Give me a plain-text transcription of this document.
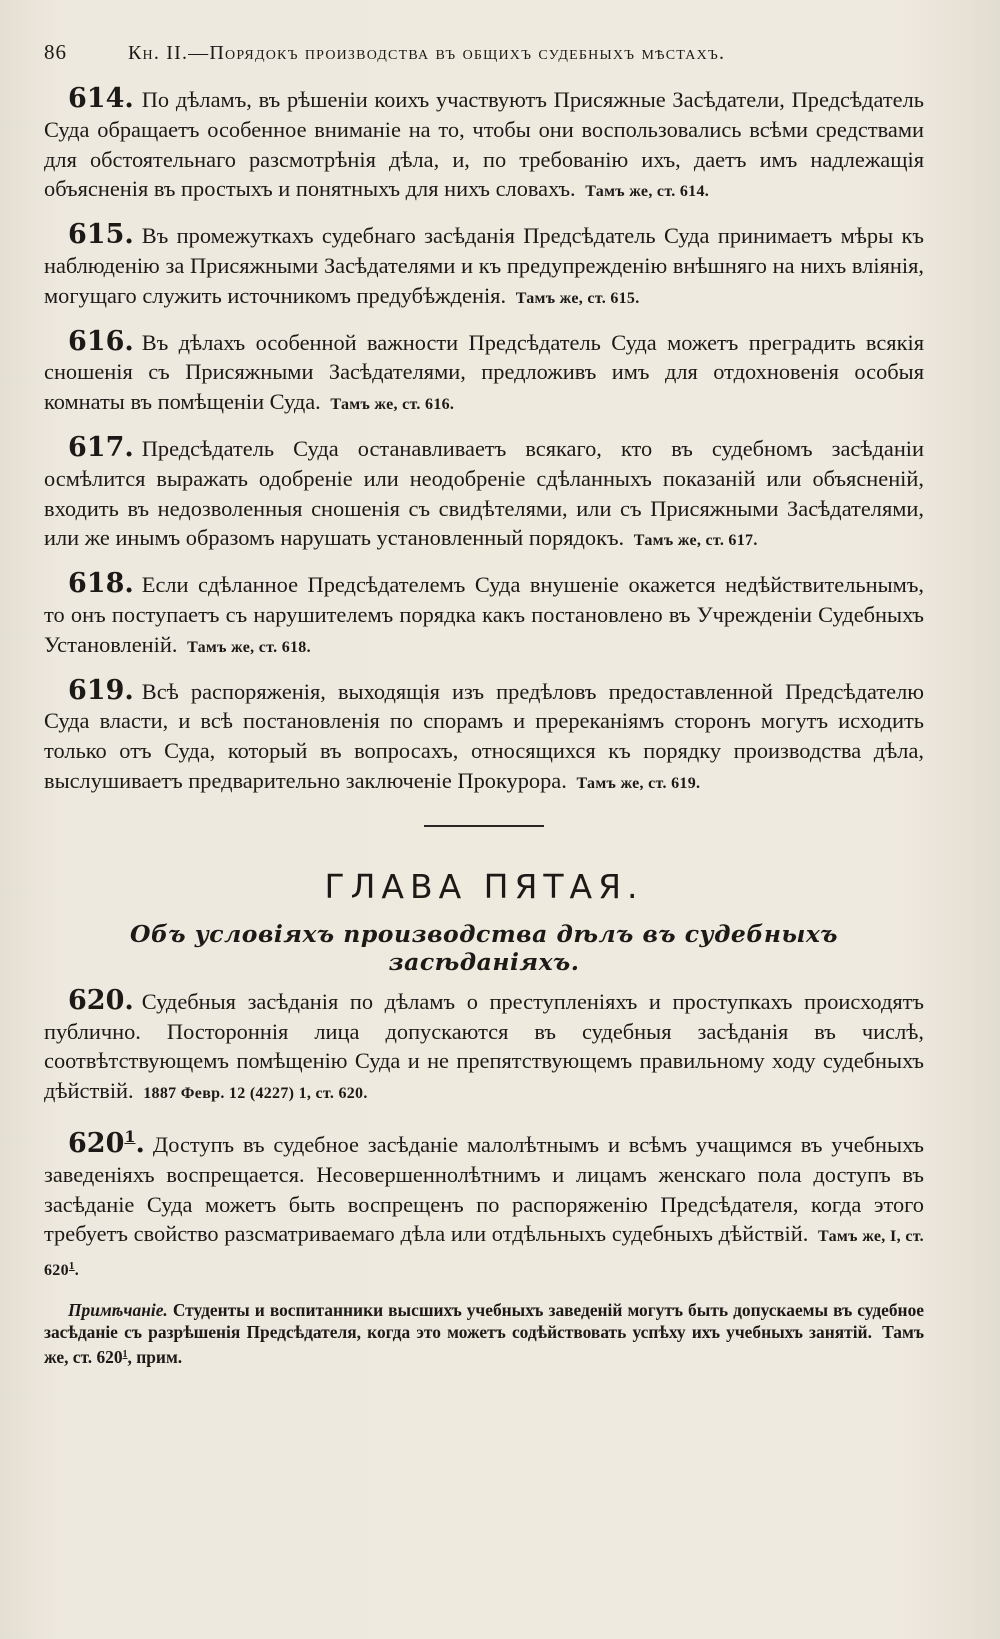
86	Кн. II.—Порядокъ производства въ общихъ судебныхъ мѣстахъ.

614. По дѣламъ, въ рѣшеніи коихъ участвуютъ Присяжные Засѣдатели, Предсѣдатель Суда обращаетъ особенное вниманіе на то, чтобы они воспользовались всѣми средствами для обстоятельнаго разсмотрѣнія дѣла, и, по требованію ихъ, даетъ имъ надлежащія объясненія въ простыхъ и понятныхъ для нихъ словахъ. Тамъ же, ст. 614.

615. Въ промежуткахъ судебнаго засѣданія Предсѣдатель Суда принимаетъ мѣры къ наблюденію за Присяжными Засѣдателями и къ предупрежденію внѣшняго на нихъ вліянія, могущаго служить источникомъ предубѣжденія. Тамъ же, ст. 615.

616. Въ дѣлахъ особенной важности Предсѣдатель Суда можетъ преградить всякія сношенія съ Присяжными Засѣдателями, предложивъ имъ для отдохновенія особыя комнаты въ помѣщеніи Суда. Тамъ же, ст. 616.

617. Предсѣдатель Суда останавливаетъ всякаго, кто въ судебномъ засѣданіи осмѣлится выражать одобреніе или неодобреніе сдѣланныхъ показаній или объясненій, входить въ недозволенныя сношенія съ свидѣтелями, или съ Присяжными Засѣдателями, или же инымъ образомъ нарушать установленный порядокъ. Тамъ же, ст. 617.

618. Если сдѣланное Предсѣдателемъ Суда внушеніе окажется недѣйствительнымъ, то онъ поступаетъ съ нарушителемъ порядка какъ постановлено въ Учрежденіи Судебныхъ Установленій. Тамъ же, ст. 618.

619. Всѣ распоряженія, выходящія изъ предѣловъ предоставленной Предсѣдателю Суда власти, и всѣ постановленія по спорамъ и пререканіямъ сторонъ могутъ исходить только отъ Суда, который въ вопросахъ, относящихся къ порядку производства дѣла, выслушиваетъ предварительно заключеніе Прокурора. Тамъ же, ст. 619.

ГЛАВА ПЯТАЯ.
Объ условіяхъ производства дѣлъ въ судебныхъ засѣданіяхъ.

620. Судебныя засѣданія по дѣламъ о преступленіяхъ и проступкахъ происходятъ публично. Постороннія лица допускаются въ судебныя засѣданія въ числѣ, соотвѣтствующемъ помѣщенію Суда и не препятствующемъ правильному ходу судебныхъ дѣйствій. 1887 Февр. 12 (4227) 1, ст. 620.

$620^1$. Доступъ въ судебное засѣданіе малолѣтнымъ и всѣмъ учащимся въ учебныхъ заведеніяхъ воспрещается. Несовершеннолѣтнимъ и лицамъ женскаго пола доступъ въ засѣданіе Суда можетъ быть воспрещенъ по распоряженію Предсѣдателя, когда этого требуетъ свойство разсматриваемаго дѣла или отдѣльныхъ судебныхъ дѣйствій. Тамъ же, I, ст. $620^1$.

Примѣчаніе. Студенты и воспитанники высшихъ учебныхъ заведеній могутъ быть допускаемы въ судебное засѣданіе съ разрѣшенія Предсѣдателя, когда это можетъ содѣйствовать успѣху ихъ учебныхъ занятій. Тамъ же, ст. $620^1$, прим.
